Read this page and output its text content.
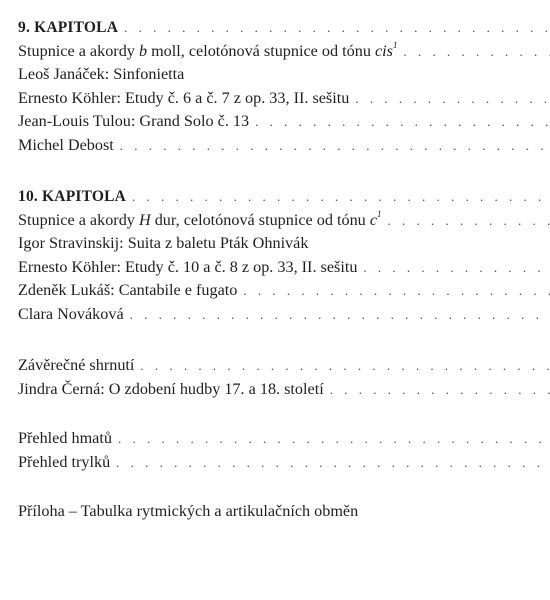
9. KAPITOLA
. . .
Stupnice a akordy b moll, celotónová stupnice od tónu cis$^1$
. . .
Leoš Janáček: Sinfonietta
Ernesto Köhler: Etudy č. 6 a č. 7 z op. 33, II. sešitu
. . .
Jean-Louis Tulou: Grand Solo č. 13
. . .
Michel Debost
. . .
10. KAPITOLA
. . .
Stupnice a akordy H dur, celotónová stupnice od tónu $c^1$
. . .
Igor Stravinskij: Suita z baletu Pták Ohnivák
Ernesto Köhler: Etudy č. 10 a č. 8 z op. 33, II. sešitu
. . .
Zdeněk Lukáš: Cantabile e fugato
. . .
Clara Nováková
. . .
Závěrečné shrnutí
. . .
Jindra Černá: O zdobení hudby 17. a 18. století
. . .
Přehled hmatů
. . .
Přehled trylků
. . .
Příloha – Tabulka rytmických a artikulačních obměn
